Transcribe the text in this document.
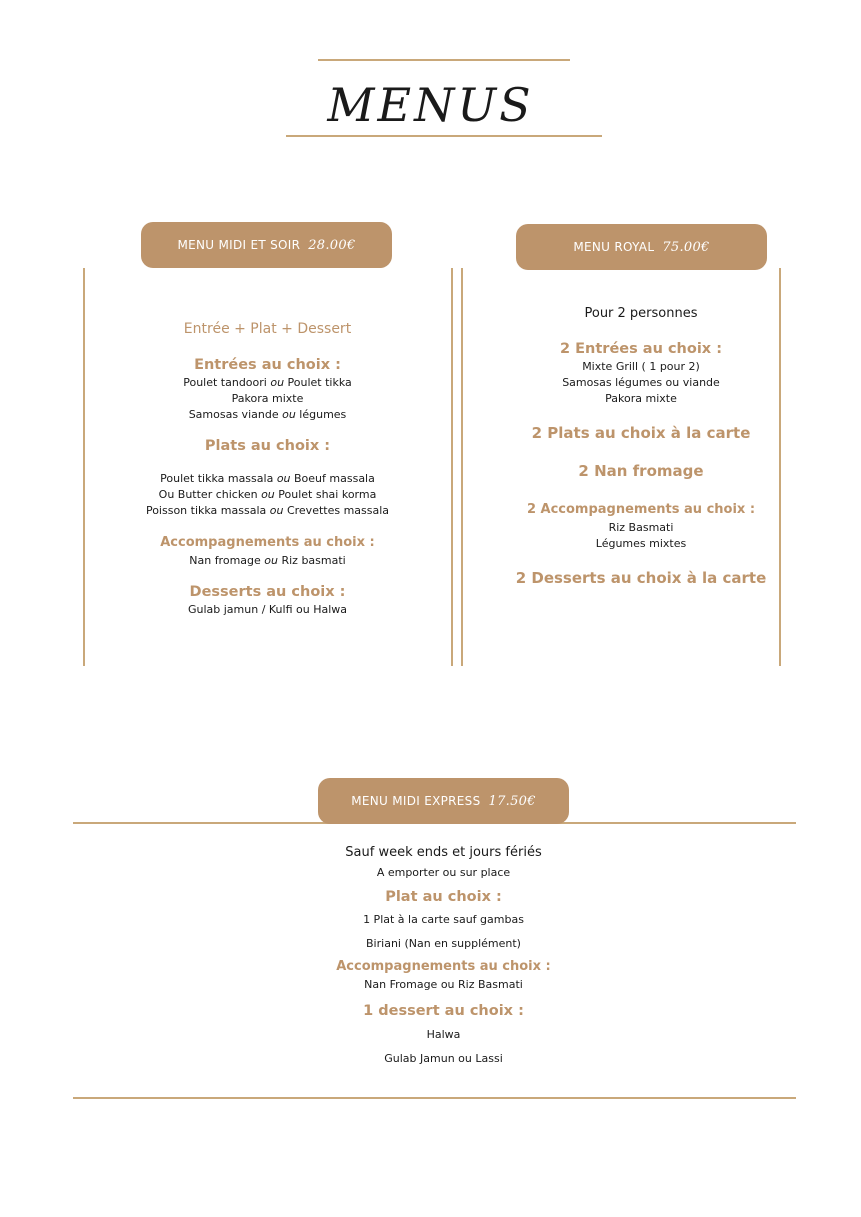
MENUS
MENU MIDI ET SOIR 28.00€
Entrée + Plat + Dessert
Entrées au choix :
Poulet tandoori ou Poulet tikka
Pakora mixte
Samosas viande ou légumes
Plats au choix :
Poulet tikka massala ou Boeuf massala
Ou Butter chicken ou Poulet shai korma
Poisson tikka massala ou Crevettes massala
Accompagnements au choix :
Nan fromage ou Riz basmati
Desserts au choix :
Gulab jamun / Kulfi ou Halwa
MENU ROYAL 75.00€
Pour 2 personnes
2 Entrées au choix :
Mixte Grill ( 1 pour 2)
Samosas légumes ou viande
Pakora mixte
2 Plats au choix à la carte
2 Nan fromage
2 Accompagnements au choix :
Riz Basmati
Légumes mixtes
2 Desserts au choix à la carte
MENU MIDI EXPRESS 17.50€
Sauf week ends et jours fériés
A emporter ou sur place
Plat au choix :
1 Plat à la carte sauf gambas
Biriani (Nan en supplément)
Accompagnements au choix :
Nan Fromage ou Riz Basmati
1 dessert au choix :
Halwa
Gulab Jamun ou Lassi
